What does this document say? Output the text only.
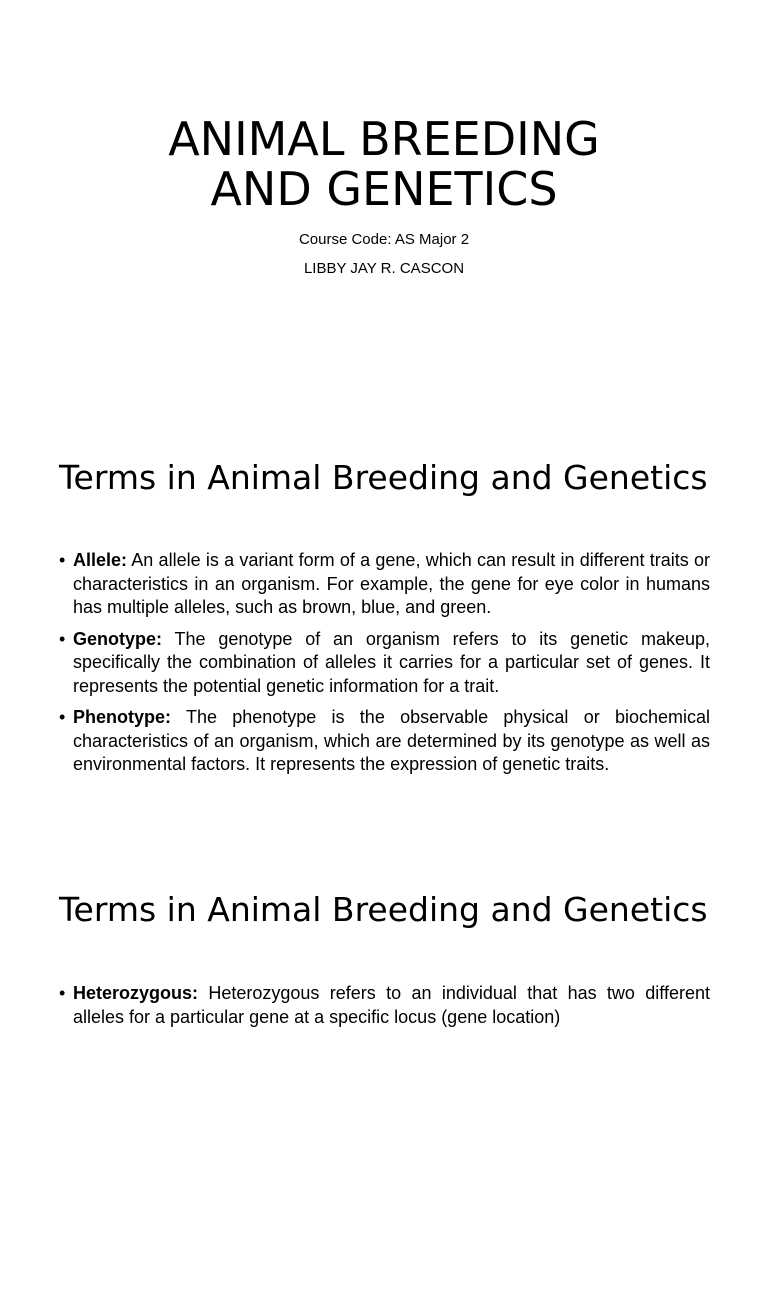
ANIMAL BREEDING
AND GENETICS

Course Code: AS Major 2

LIBBY JAY R. CASCON

Terms in Animal Breeding and Genetics
• Allele: An allele is a variant form of a gene, which can result in different traits or characteristics in an organism. For example, the gene for eye color in humans has multiple alleles, such as brown, blue, and green.
• Genotype: The genotype of an organism refers to its genetic makeup, specifically the combination of alleles it carries for a particular set of genes. It represents the potential genetic information for a trait.
• Phenotype: The phenotype is the observable physical or biochemical characteristics of an organism, which are determined by its genotype as well as environmental factors. It represents the expression of genetic traits.
Terms in Animal Breeding and Genetics
• Heterozygous: Heterozygous refers to an individual that has two different alleles for a particular gene at a specific locus (gene location)
